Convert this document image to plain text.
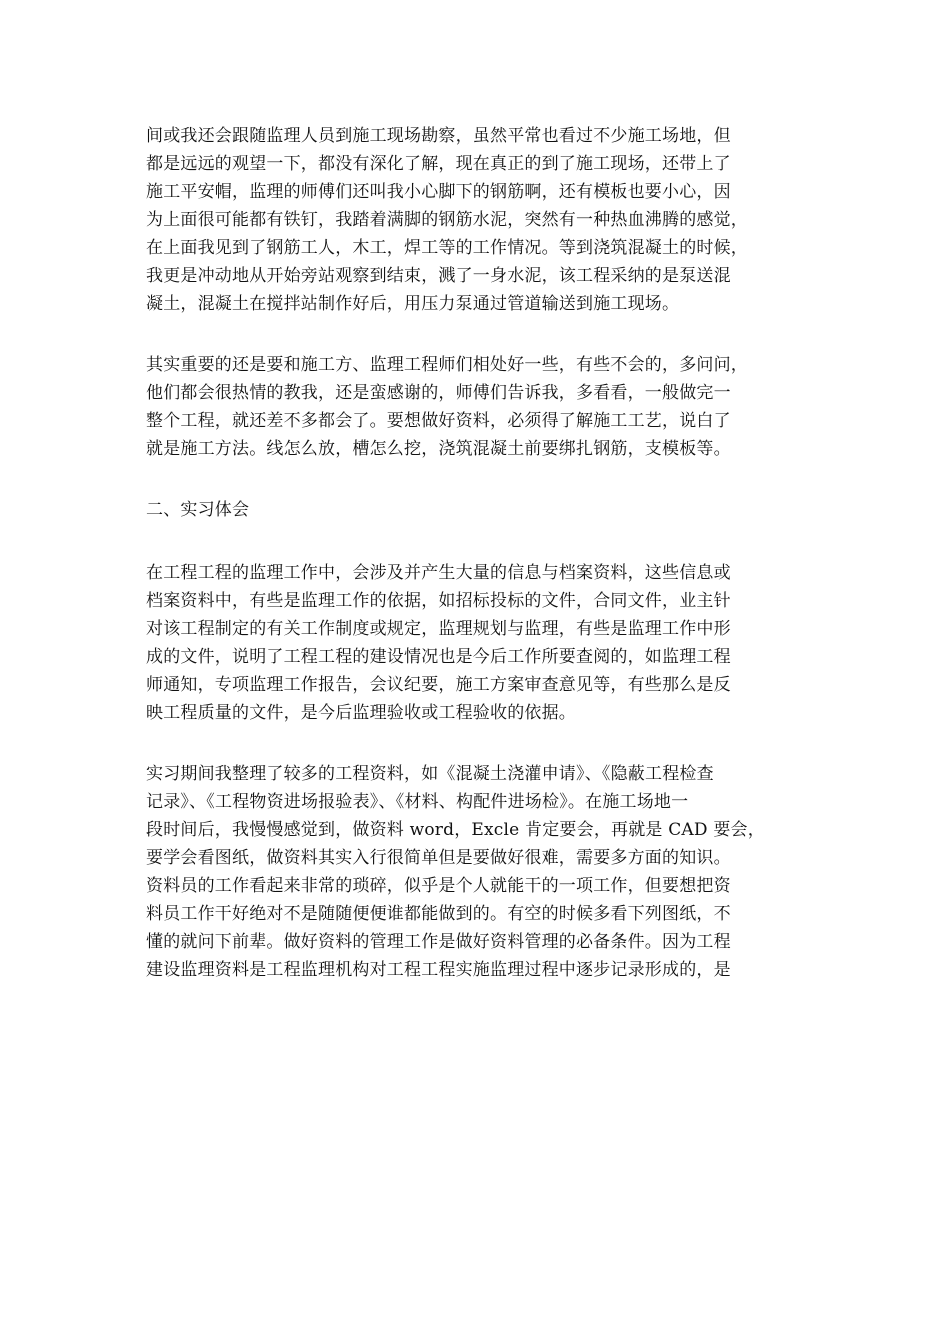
间或我还会跟随监理人员到施工现场勘察，虽然平常也看过不少施工场地，但
都是远远的观望一下，都没有深化了解，现在真正的到了施工现场，还带上了
施工平安帽，监理的师傅们还叫我小心脚下的钢筋啊，还有模板也要小心，因
为上面很可能都有铁钉，我踏着满脚的钢筋水泥，突然有一种热血沸腾的感觉，
在上面我见到了钢筋工人，木工，焊工等的工作情况。等到浇筑混凝土的时候，
我更是冲动地从开始旁站观察到结束，溅了一身水泥，该工程采纳的是泵送混
凝土，混凝土在搅拌站制作好后，用压力泵通过管道输送到施工现场。
其实重要的还是要和施工方、监理工程师们相处好一些，有些不会的，多问问，
他们都会很热情的教我，还是蛮感谢的，师傅们告诉我，多看看，一般做完一
整个工程，就还差不多都会了。要想做好资料，必须得了解施工工艺，说白了
就是施工方法。线怎么放，槽怎么挖，浇筑混凝土前要绑扎钢筋，支模板等。
二、实习体会
在工程工程的监理工作中，会涉及并产生大量的信息与档案资料，这些信息或
档案资料中，有些是监理工作的依据，如招标投标的文件，合同文件，业主针
对该工程制定的有关工作制度或规定，监理规划与监理，有些是监理工作中形
成的文件，说明了工程工程的建设情况也是今后工作所要查阅的，如监理工程
师通知，专项监理工作报告，会议纪要，施工方案审查意见等，有些那么是反
映工程质量的文件，是今后监理验收或工程验收的依据。
实习期间我整理了较多的工程资料，如《混凝土浇灌申请》、《隐蔽工程检查
记录》、《工程物资进场报验表》、《材料、构配件进场检》。在施工场地一
段时间后，我慢慢感觉到，做资料 word，Excle 肯定要会，再就是 CAD 要会，
要学会看图纸，做资料其实入行很简单但是要做好很难，需要多方面的知识。
资料员的工作看起来非常的琐碎，似乎是个人就能干的一项工作，但要想把资
料员工作干好绝对不是随随便便谁都能做到的。有空的时候多看下列图纸，不
懂的就问下前辈。做好资料的管理工作是做好资料管理的必备条件。因为工程
建设监理资料是工程监理机构对工程工程实施监理过程中逐步记录形成的，是
